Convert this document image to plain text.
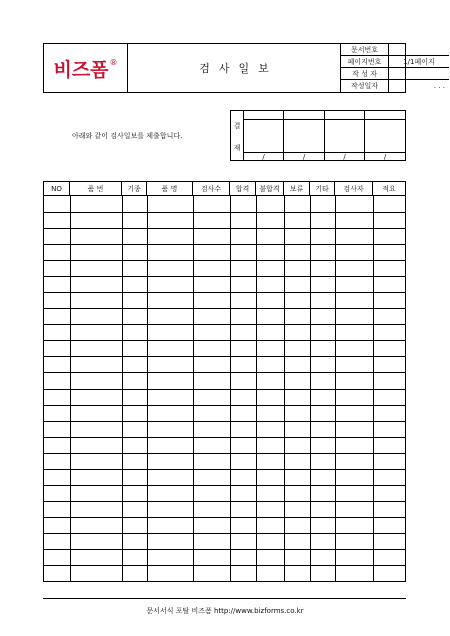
비즈폼 ®	검사일보
문서번호
페이지번호	1/1페이지
작 성 자
작성일자	. . .
아래와 같이 검사일보를 제출합니다.
결
재
/	/	/	/
NO	품 번	기종	품 명	검사수	합격	불합격	보류	기타	검사자	적요
문서서식 포탈 비즈폼 http://www.bizforms.co.kr
